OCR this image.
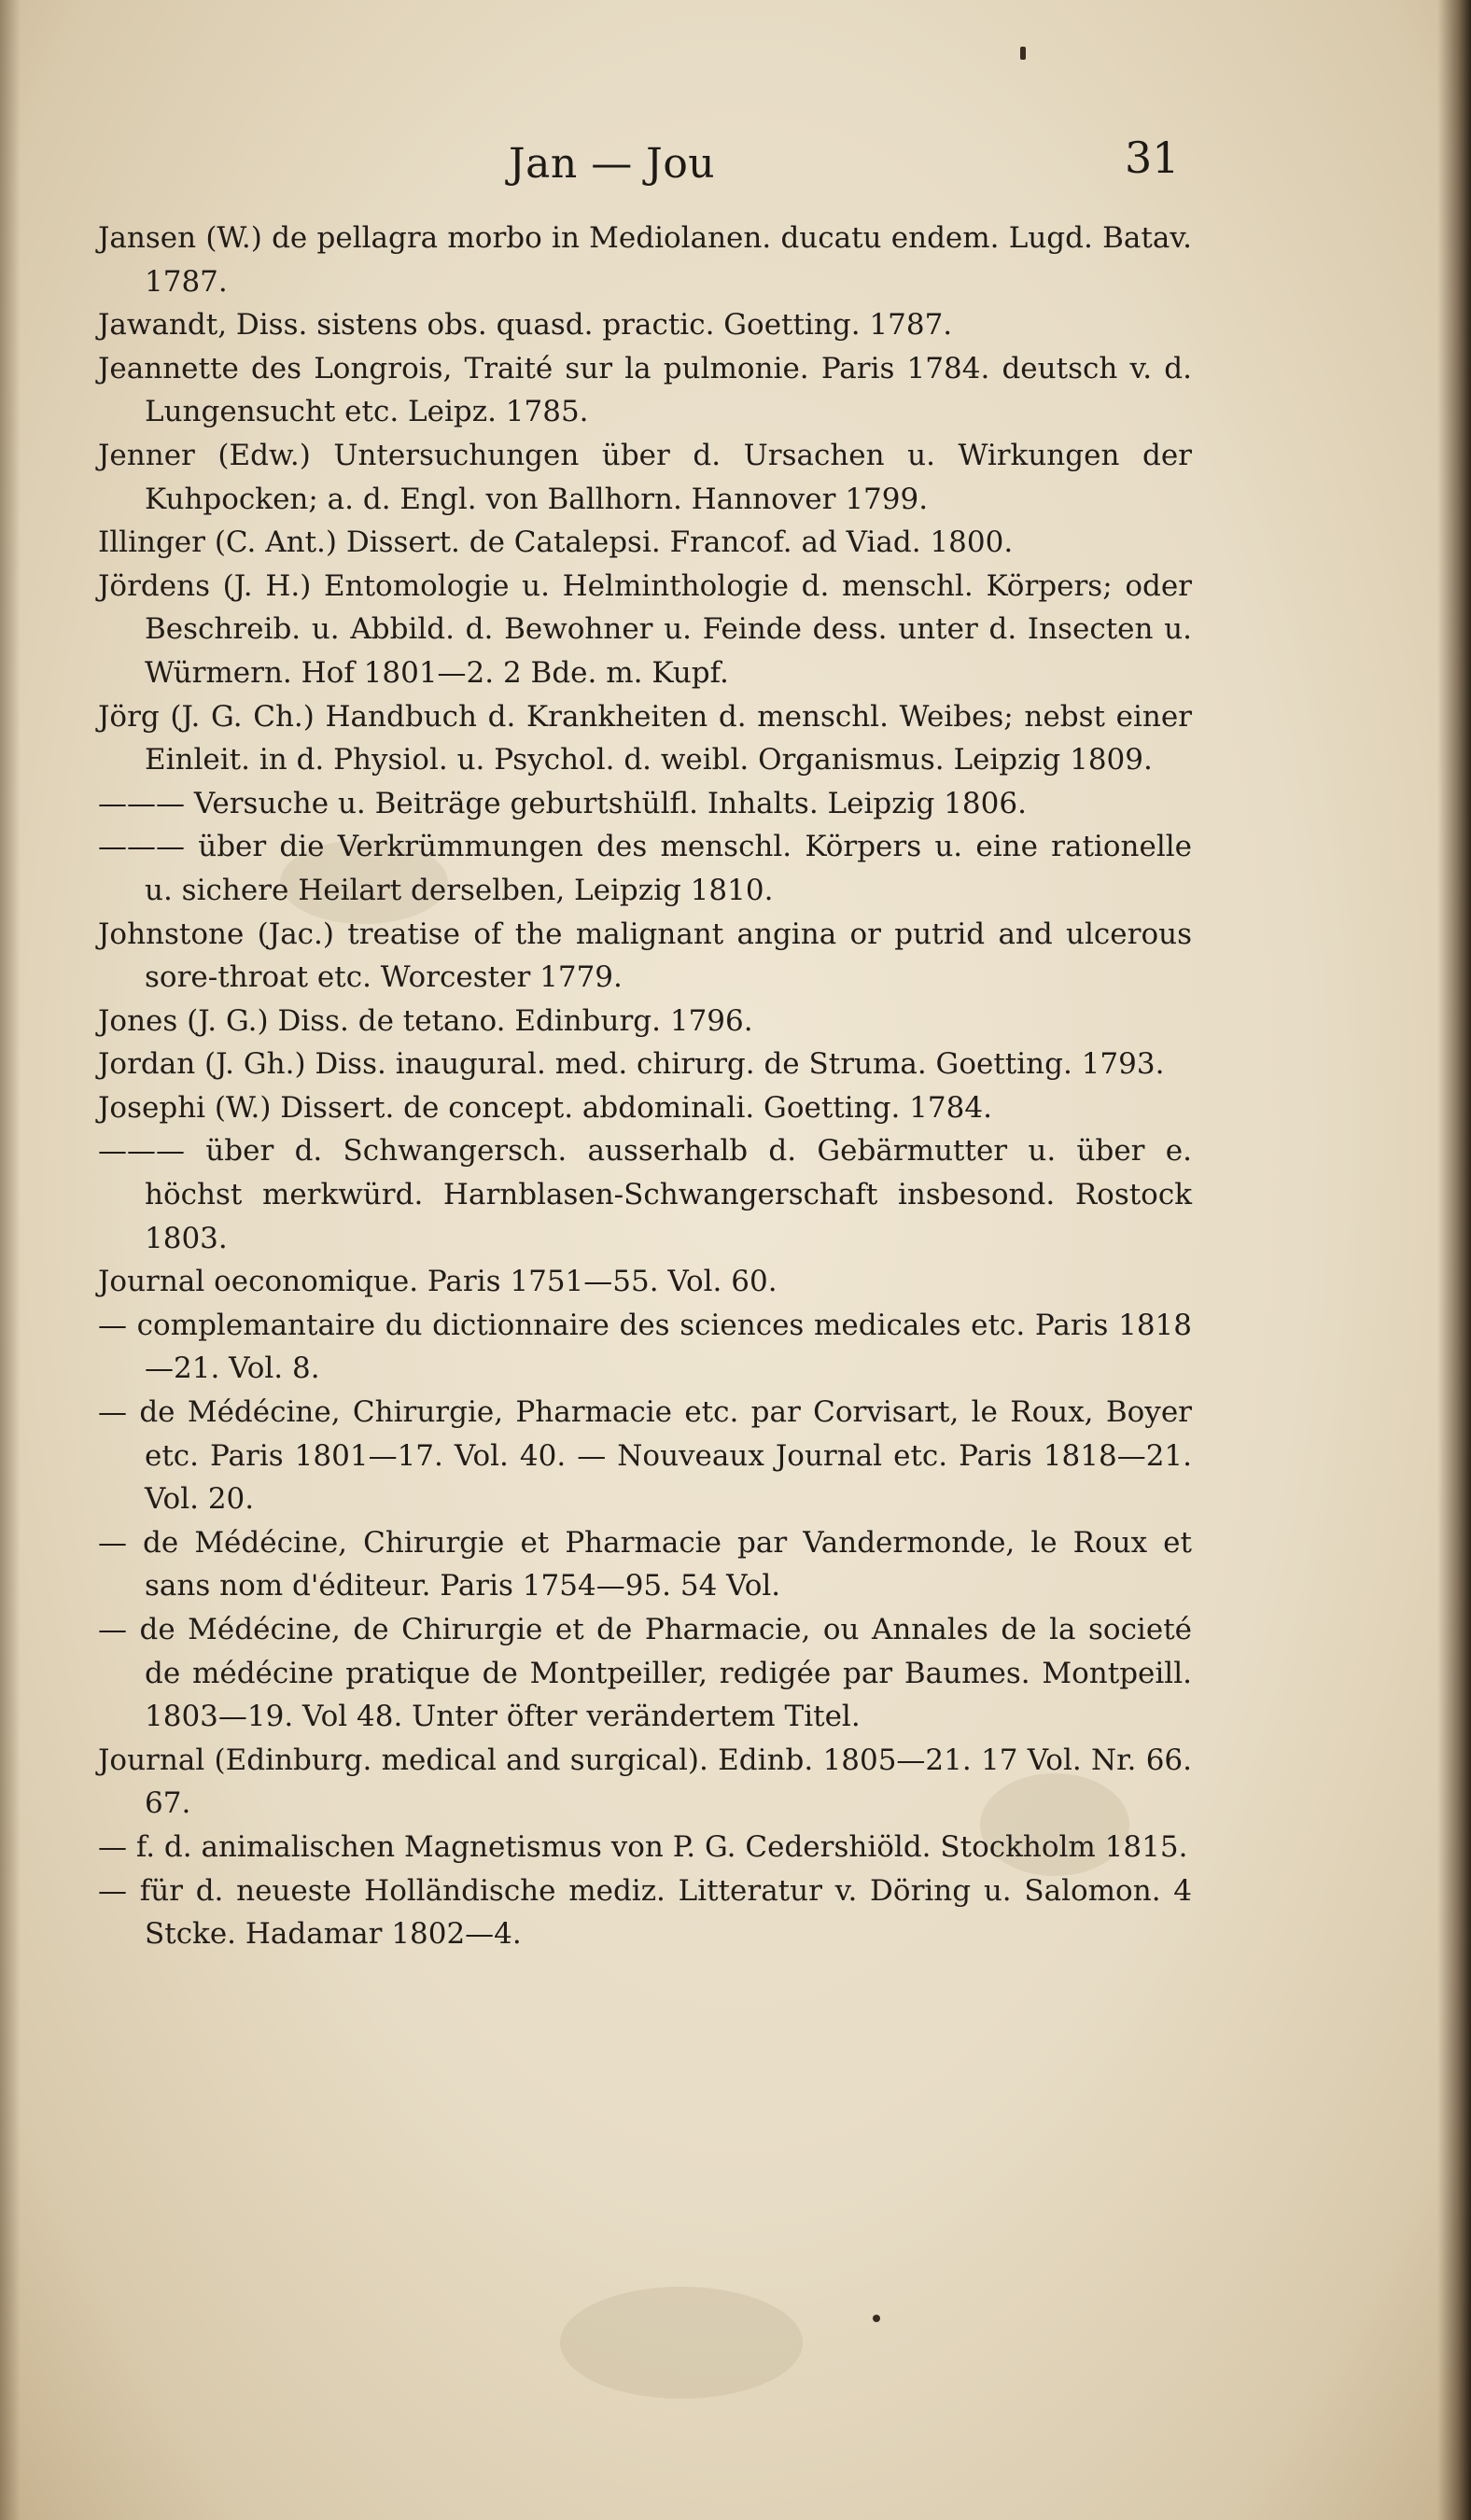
Jan — Jou	31

Jansen (W.) de pellagra morbo in Mediolanen. ducatu endem. Lugd. Batav. 1787.

Jawandt, Diss. sistens obs. quasd. practic. Goetting. 1787.

Jeannette des Longrois, Traité sur la pulmonie. Paris 1784. deutsch v. d. Lungensucht etc. Leipz. 1785.

Jenner (Edw.) Untersuchungen über d. Ursachen u. Wirkungen der Kuhpocken; a. d. Engl. von Ballhorn. Hannover 1799.

Illinger (C. Ant.) Dissert. de Catalepsi. Francof. ad Viad. 1800.

Jördens (J. H.) Entomologie u. Helminthologie d. menschl. Körpers; oder Beschreib. u. Abbild. d. Bewohner u. Feinde dess. unter d. Insecten u. Würmern. Hof 1801—2. 2 Bde. m. Kupf.

Jörg (J. G. Ch.) Handbuch d. Krankheiten d. menschl. Weibes; nebst einer Einleit. in d. Physiol. u. Psychol. d. weibl. Organismus. Leipzig 1809.

——— Versuche u. Beiträge geburtshülfl. Inhalts. Leipzig 1806.

——— über die Verkrümmungen des menschl. Körpers u. eine rationelle u. sichere Heilart derselben, Leipzig 1810.

Johnstone (Jac.) treatise of the malignant angina or putrid and ulcerous sore-throat etc. Worcester 1779.

Jones (J. G.) Diss. de tetano. Edinburg. 1796.

Jordan (J. Gh.) Diss. inaugural. med. chirurg. de Struma. Goetting. 1793.

Josephi (W.) Dissert. de concept. abdominali. Goetting. 1784.

——— über d. Schwangersch. ausserhalb d. Gebärmutter u. über e. höchst merkwürd. Harnblasen-Schwangerschaft insbesond. Rostock 1803.

Journal oeconomique. Paris 1751—55. Vol. 60.

— complemantaire du dictionnaire des sciences medicales etc. Paris 1818—21. Vol. 8.

— de Médécine, Chirurgie, Pharmacie etc. par Corvisart, le Roux, Boyer etc. Paris 1801—17. Vol. 40. — Nouveaux Journal etc. Paris 1818—21. Vol. 20.

— de Médécine, Chirurgie et Pharmacie par Vandermonde, le Roux et sans nom d'éditeur. Paris 1754—95. 54 Vol.

— de Médécine, de Chirurgie et de Pharmacie, ou Annales de la societé de médécine pratique de Montpeiller, redigée par Baumes. Montpeill. 1803—19. Vol 48. Unter öfter verändertem Titel.

Journal (Edinburg. medical and surgical). Edinb. 1805—21. 17 Vol. Nr. 66. 67.

— f. d. animalischen Magnetismus von P. G. Cedershiöld. Stockholm 1815.

— für d. neueste Holländische mediz. Litteratur v. Döring u. Salomon. 4 Stcke. Hadamar 1802—4.
